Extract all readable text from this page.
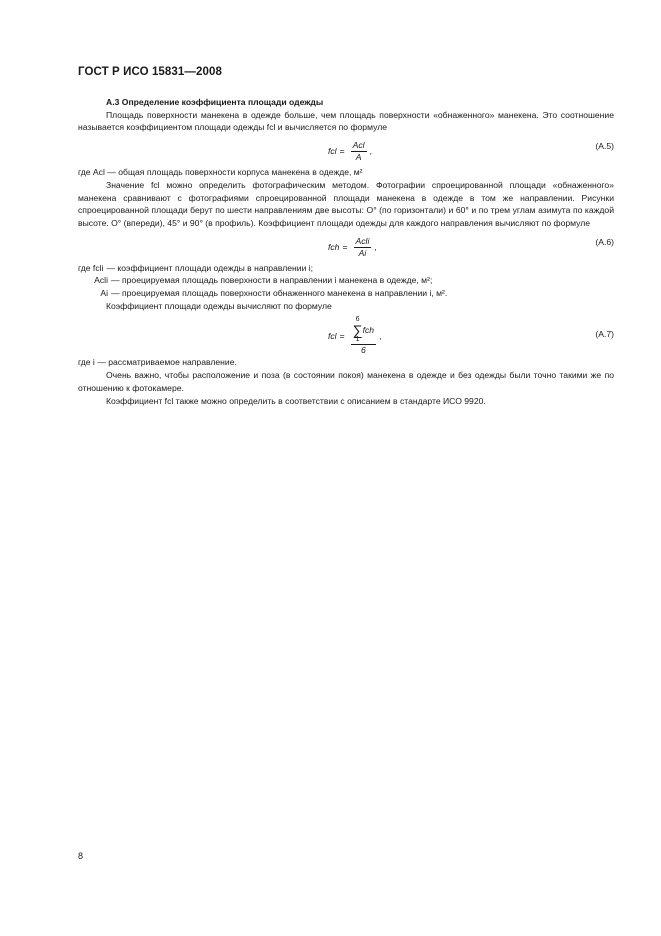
ГОСТ Р ИСО 15831—2008
А.3 Определение коэффициента площади одежды
Площадь поверхности манекена в одежде больше, чем площадь поверхности «обнаженного» манекена. Это соотношение называется коэффициентом площади одежды fcl и вычисляется по формуле
fcl = $\frac{\text{Acl}}{A}$ ,
(A.5)
где Acl — общая площадь поверхности корпуса манекена в одежде, м²
Значение fcl можно определить фотографическим методом. Фотографии спроецированной площади «обнаженного» манекена сравнивают с фотографиями спроецированной площади манекена в одежде в том же направлении. Рисунки спроецированной площади берут по шести направлениям две высоты: O° (по горизонтали) и 60° и по трем углам азимута по каждой высоте. O° (впереди), 45° и 90° (в профиль). Коэффициент площади одежды для каждого направления вычисляют по формуле
fch = $\frac{\text{Acli}}{Ai}$ ,
(A.6)
где fcli — коэффициент площади одежды в направлении i;
Acli — проецируемая площадь поверхности в направлении i манекена в одежде, м²;
Ai — проецируемая площадь поверхности обнаженного манекена в направлении i, м².
Коэффициент площади одежды вычисляют по формуле
fcl = 6
∑
1
fch
6 ,	(A.7)
где i — рассматриваемое направление.
Очень важно, чтобы расположение и поза (в состоянии покоя) манекена в одежде и без одежды были точно такими же по отношению к фотокамере.
Коэффициент fcl также можно определить в соответствии с описанием в стандарте ИСО 9920.
8
